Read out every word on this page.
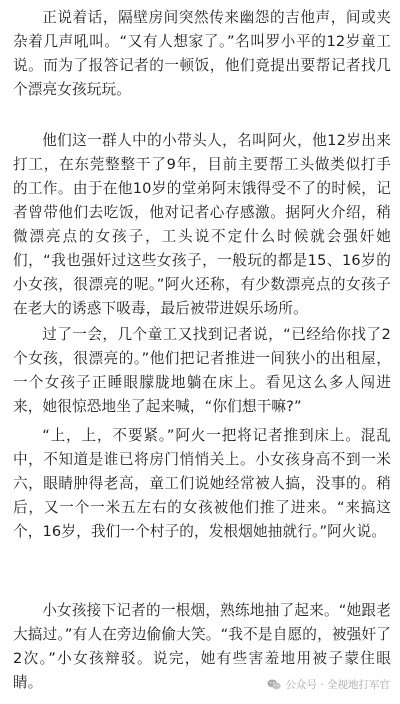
正说着话，隔壁房间突然传来幽怨的吉他声，间或夹杂着几声吼叫。“又有人想家了。”名叫罗小平的12岁童工说。而为了报答记者的一顿饭，他们竟提出要帮记者找几个漂亮女孩玩玩。

他们这一群人中的小带头人，名叫阿火，他12岁出来打工，在东莞整整干了9年，目前主要帮工头做类似打手的工作。由于在他10岁的堂弟阿末饿得受不了的时候，记者曾带他们去吃饭，他对记者心存感激。据阿火介绍，稍微漂亮点的女孩子，工头说不定什么时候就会强奸她们，“我也强奸过这些女孩子，一般玩的都是15、16岁的小女孩，很漂亮的呢。”阿火还称，有少数漂亮点的女孩子在老大的诱惑下吸毒，最后被带进娱乐场所。

过了一会，几个童工又找到记者说，“已经给你找了2个女孩，很漂亮的。”他们把记者推进一间狭小的出租屋，一个女孩子正睡眼朦胧地躺在床上。看见这么多人闯进来，她很惊恐地坐了起来喊，“你们想干嘛?”

“上，上，不要紧。”阿火一把将记者推到床上。混乱中，不知道是谁已将房门悄悄关上。小女孩身高不到一米六，眼睛肿得老高，童工们说她经常被人搞，没事的。稍后，又一个一米五左右的女孩被他们推了进来。“来搞这个，16岁，我们一个村子的，发根烟她抽就行。”阿火说。

小女孩接下记者的一根烟，熟练地抽了起来。“她跟老大搞过。”有人在旁边偷偷大笑。“我不是自愿的，被强奸了2次。”小女孩辩驳。说完，她有些害羞地用被子蒙住眼睛。	公众号 · 全视地打军官
